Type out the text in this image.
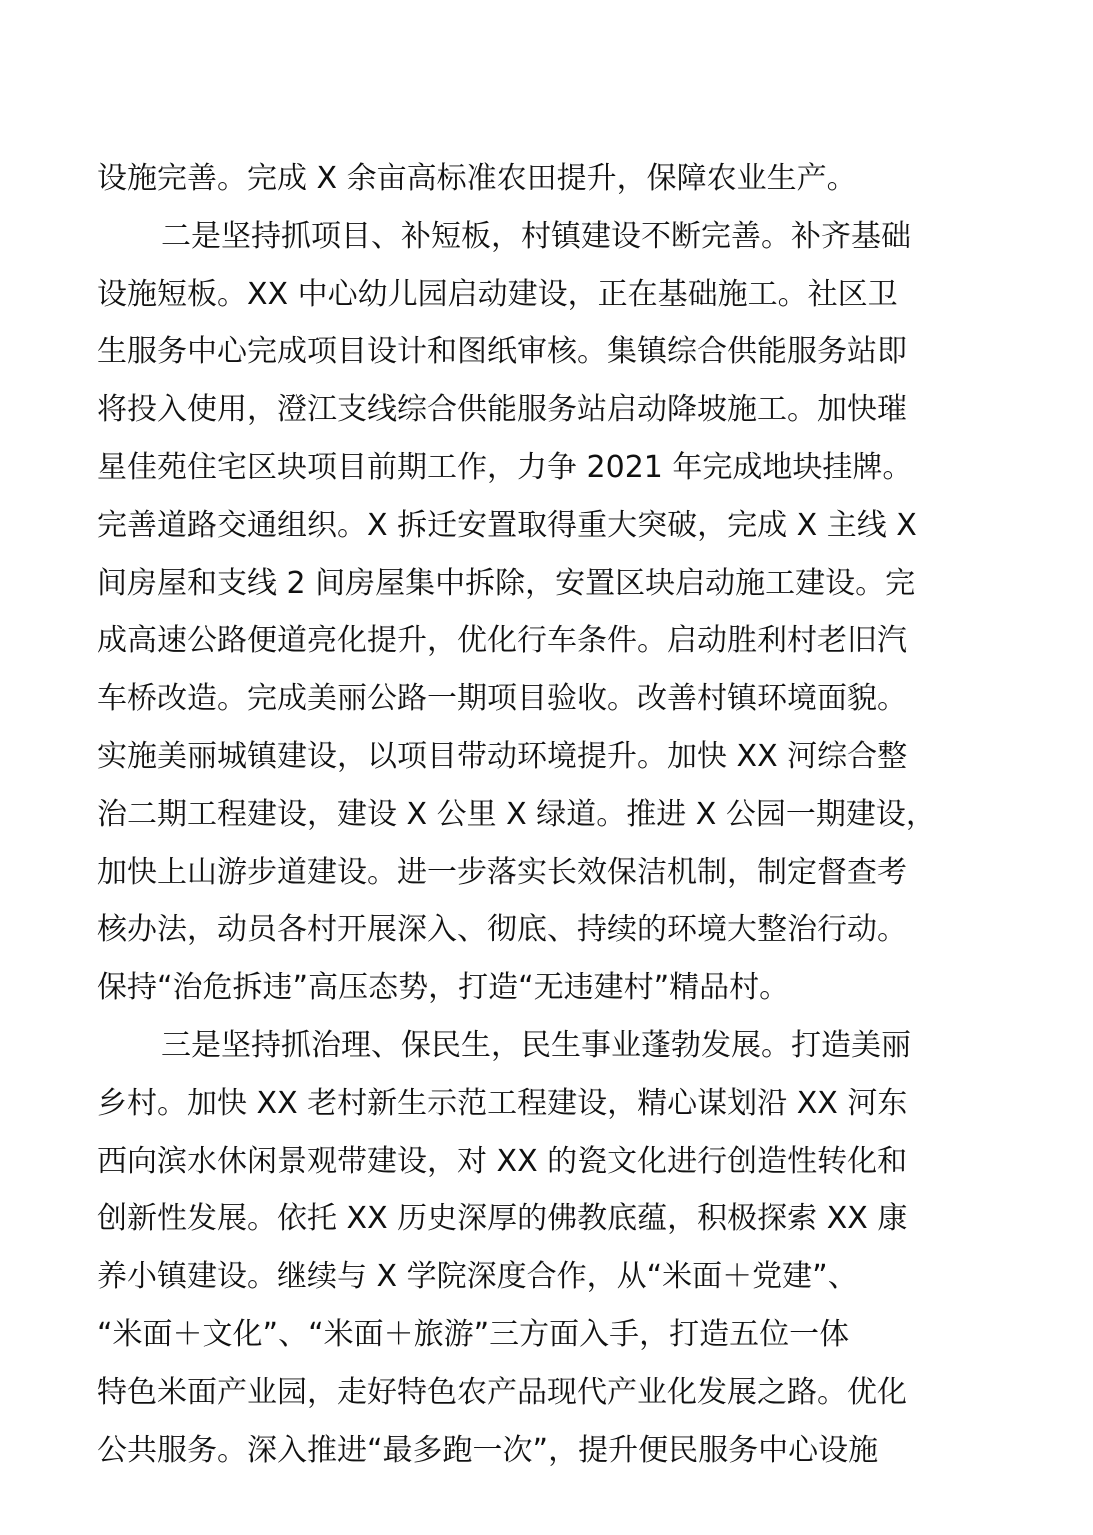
设施完善。完成 X 余亩高标准农田提升，保障农业生产。
二是坚持抓项目、补短板，村镇建设不断完善。补齐基础
设施短板。XX 中心幼儿园启动建设，正在基础施工。社区卫
生服务中心完成项目设计和图纸审核。集镇综合供能服务站即
将投入使用，澄江支线综合供能服务站启动降坡施工。加快璀
星佳苑住宅区块项目前期工作，力争 2021 年完成地块挂牌。
完善道路交通组织。X 拆迁安置取得重大突破，完成 X 主线 X
间房屋和支线 2 间房屋集中拆除，安置区块启动施工建设。完
成高速公路便道亮化提升，优化行车条件。启动胜利村老旧汽
车桥改造。完成美丽公路一期项目验收。改善村镇环境面貌。
实施美丽城镇建设，以项目带动环境提升。加快 XX 河综合整
治二期工程建设，建设 X 公里 X 绿道。推进 X 公园一期建设，
加快上山游步道建设。进一步落实长效保洁机制，制定督查考
核办法，动员各村开展深入、彻底、持续的环境大整治行动。
保持“治危拆违”高压态势，打造“无违建村”精品村。
三是坚持抓治理、保民生，民生事业蓬勃发展。打造美丽
乡村。加快 XX 老村新生示范工程建设，精心谋划沿 XX 河东
西向滨水休闲景观带建设，对 XX 的瓷文化进行创造性转化和
创新性发展。依托 XX 历史深厚的佛教底蕴，积极探索 XX 康
养小镇建设。继续与 X 学院深度合作，从“米面＋党建”、
“米面＋文化”、“米面＋旅游”三方面入手，打造五位一体
特色米面产业园，走好特色农产品现代产业化发展之路。优化
公共服务。深入推进“最多跑一次”，提升便民服务中心设施
